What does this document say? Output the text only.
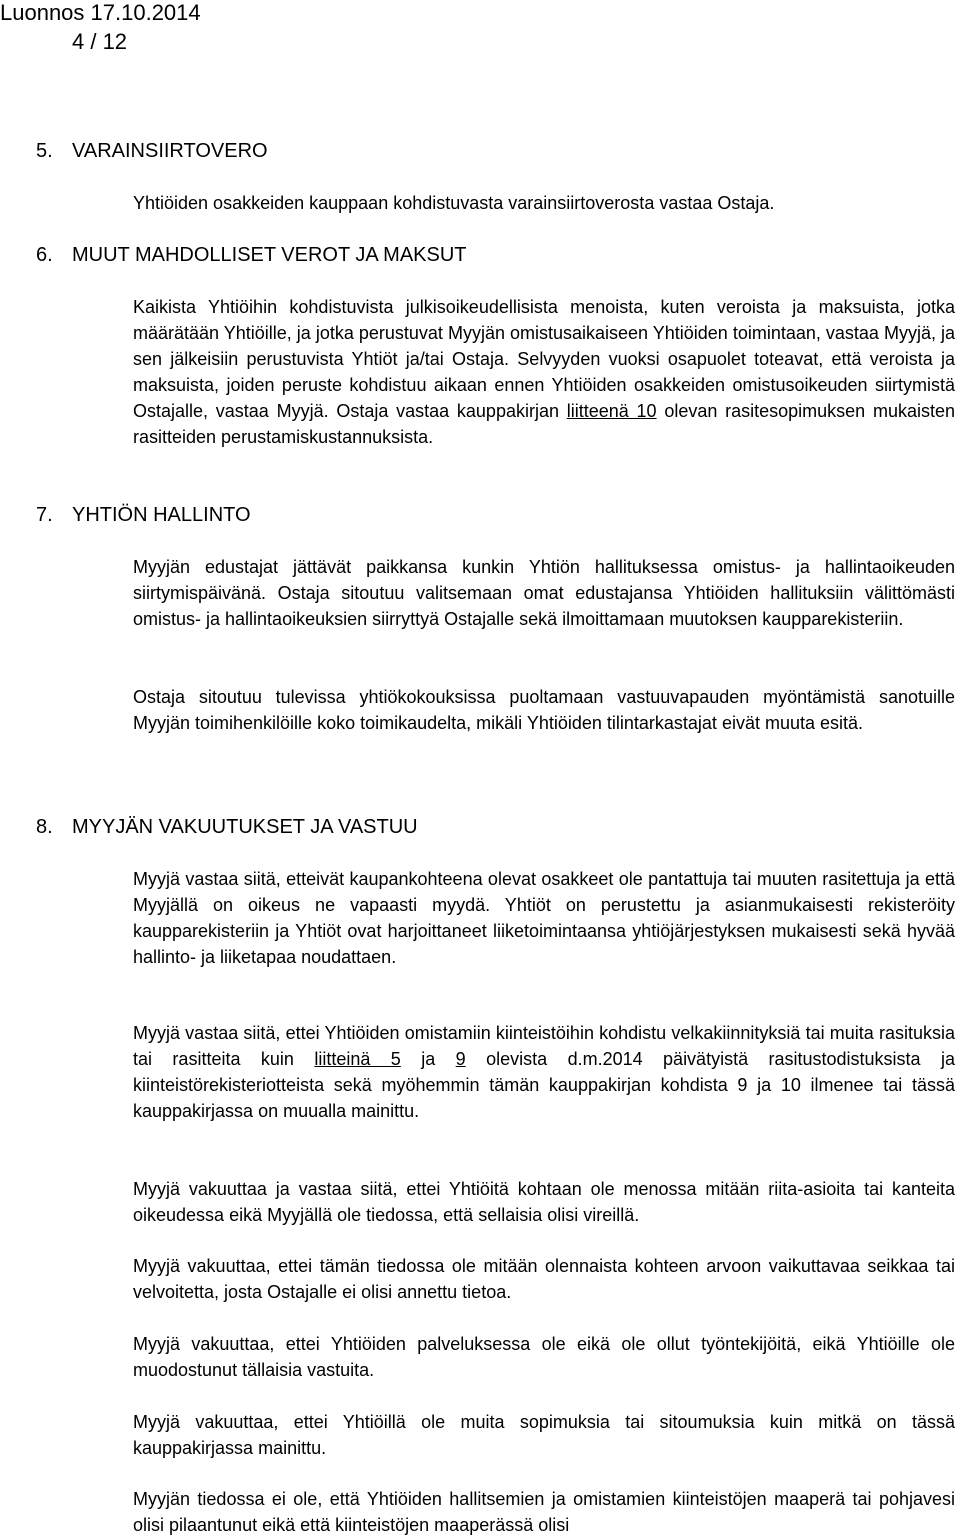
Luonnos 17.10.2014
4 / 12
5. VARAINSIIRTOVERO

Yhtiöiden osakkeiden kauppaan kohdistuvasta varainsiirtoverosta vastaa Ostaja.

6. MUUT MAHDOLLISET VEROT JA MAKSUT

Kaikista Yhtiöihin kohdistuvista julkisoikeudellisista menoista, kuten veroista ja maksuista, jotka määrätään Yhtiöille, ja jotka perustuvat Myyjän omistusaikaiseen Yhtiöiden toimintaan, vastaa Myyjä, ja sen jälkeisiin perustuvista Yhtiöt ja/tai Ostaja. Selvyyden vuoksi osapuolet toteavat, että veroista ja maksuista, joiden peruste kohdistuu aikaan ennen Yhtiöiden osakkeiden omistusoikeuden siirtymistä Ostajalle, vastaa Myyjä. Ostaja vastaa kauppakirjan liitteenä 10 olevan rasitesopimuksen mukaisten rasitteiden perustamiskustannuksista.

7. YHTIÖN HALLINTO

Myyjän edustajat jättävät paikkansa kunkin Yhtiön hallituksessa omistus- ja hallintaoikeuden siirtymispäivänä. Ostaja sitoutuu valitsemaan omat edustajansa Yhtiöiden hallituksiin välittömästi omistus- ja hallintaoikeuksien siirryttyä Ostajalle sekä ilmoittamaan muutoksen kaupparekisteriin.

Ostaja sitoutuu tulevissa yhtiökokouksissa puoltamaan vastuuvapauden myöntämistä sanotuille Myyjän toimihenkilöille koko toimikaudelta, mikäli Yhtiöiden tilintarkastajat eivät muuta esitä.

8. MYYJÄN VAKUUTUKSET JA VASTUU

Myyjä vastaa siitä, etteivät kaupankohteena olevat osakkeet ole pantattuja tai muuten rasitettuja ja että Myyjällä on oikeus ne vapaasti myydä. Yhtiöt on perustettu ja asianmukaisesti rekisteröity kaupparekisteriin ja Yhtiöt ovat harjoittaneet liiketoimintaansa yhtiöjärjestyksen mukaisesti sekä hyvää hallinto- ja liiketapaa noudattaen.

Myyjä vastaa siitä, ettei Yhtiöiden omistamiin kiinteistöihin kohdistu velkakiinnityksiä tai muita rasituksia tai rasitteita kuin liitteinä 5 ja 9 olevista d.m.2014 päivätyistä rasitustodistuksista ja kiinteistörekisteriotteista sekä myöhemmin tämän kauppakirjan kohdista 9 ja 10 ilmenee tai tässä kauppakirjassa on muualla mainittu.

Myyjä vakuuttaa ja vastaa siitä, ettei Yhtiöitä kohtaan ole menossa mitään riita-asioita tai kanteita oikeudessa eikä Myyjällä ole tiedossa, että sellaisia olisi vireillä.

Myyjä vakuuttaa, ettei tämän tiedossa ole mitään olennaista kohteen arvoon vaikuttavaa seikkaa tai velvoitetta, josta Ostajalle ei olisi annettu tietoa.

Myyjä vakuuttaa, ettei Yhtiöiden palveluksessa ole eikä ole ollut työntekijöitä, eikä Yhtiöille ole muodostunut tällaisia vastuita.

Myyjä vakuuttaa, ettei Yhtiöillä ole muita sopimuksia tai sitoumuksia kuin mitkä on tässä kauppakirjassa mainittu.

Myyjän tiedossa ei ole, että Yhtiöiden hallitsemien ja omistamien kiinteistöjen maaperä tai pohjavesi olisi pilaantunut eikä että kiinteistöjen maaperässä olisi
